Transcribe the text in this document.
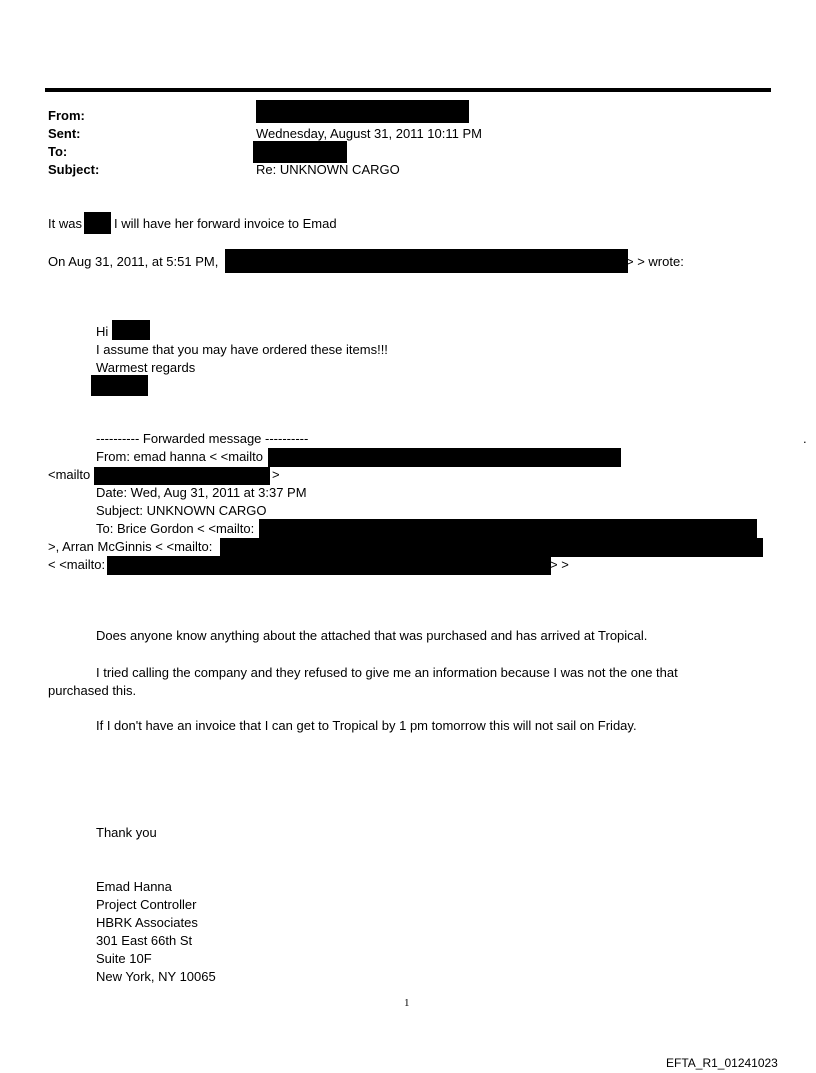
From:
Sent:	Wednesday, August 31, 2011 10:11 PM
To:
Subject:	Re: UNKNOWN CARGO
It was I will have her forward invoice to Emad
On Aug 31, 2011, at 5:51 PM,	> > wrote:
Hi
I assume that you may have ordered these items!!!
Warmest regards
---------- Forwarded message ----------	.
From: emad hanna < <mailto
<mailto	>
Date: Wed, Aug 31, 2011 at 3:37 PM
Subject: UNKNOWN CARGO
To: Brice Gordon < <mailto:
>, Arran McGinnis < <mailto:
< <mailto:	> >
Does anyone know anything about the attached that was purchased and has arrived at Tropical.
I tried calling the company and they refused to give me an information because I was not the one that
purchased this.
If I don't have an invoice that I can get to Tropical by 1 pm tomorrow this will not sail on Friday.
Thank you
Emad Hanna
Project Controller
HBRK Associates
301 East 66th St
Suite 10F
New York, NY 10065
1
EFTA_R1_01241023
